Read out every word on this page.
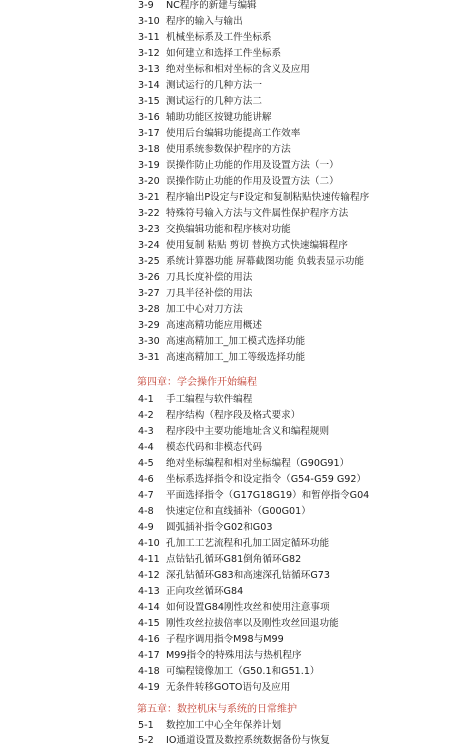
3-9 NC程序的新建与编辑
3-10 程序的输入与输出
3-11 机械坐标系及工件坐标系
3-12 如何建立和选择工件坐标系
3-13 绝对坐标和相对坐标的含义及应用
3-14 测试运行的几种方法一
3-15 测试运行的几种方法二
3-16 辅助功能区按键功能讲解
3-17 使用后台编辑功能提高工作效率
3-18 使用系统参数保护程序的方法
3-19 误操作防止功能的作用及设置方法（一）
3-20 误操作防止功能的作用及设置方法（二）
3-21 程序输出P设定与F设定和复制粘贴快速传输程序
3-22 特殊符号输入方法与文件属性保护程序方法
3-23 交换编辑功能和程序核对功能
3-24 使用复制 粘贴 剪切 替换方式快速编辑程序
3-25 系统计算器功能 屏幕截图功能 负载表显示功能
3-26 刀具长度补偿的用法
3-27 刀具半径补偿的用法
3-28 加工中心对刀方法
3-29 高速高精功能应用概述
3-30 高速高精加工_加工模式选择功能
3-31 高速高精加工_加工等级选择功能
第四章：学会操作开始编程
4-1 手工编程与软件编程
4-2 程序结构（程序段及格式要求）
4-3 程序段中主要功能地址含义和编程规则
4-4 模态代码和非模态代码
4-5 绝对坐标编程和相对坐标编程（G90G91）
4-6 坐标系选择指令和设定指令（G54-G59 G92）
4-7 平面选择指令（G17G18G19）和暂停指令G04
4-8 快速定位和直线插补（G00G01）
4-9 圆弧插补指令G02和G03
4-10 孔加工工艺流程和孔加工固定循环功能
4-11 点钻钻孔循环G81倒角循环G82
4-12 深孔钻循环G83和高速深孔钻循环G73
4-13 正向攻丝循环G84
4-14 如何设置G84刚性攻丝和使用注意事项
4-15 刚性攻丝拉拔倍率以及刚性攻丝回退功能
4-16 子程序调用指令M98与M99
4-17 M99指令的特殊用法与热机程序
4-18 可编程镜像加工（G50.1和G51.1）
4-19 无条件转移GOTO语句及应用
第五章：数控机床与系统的日常维护
5-1 数控加工中心全年保养计划
5-2 IO通道设置及数控系统数据备份与恢复
